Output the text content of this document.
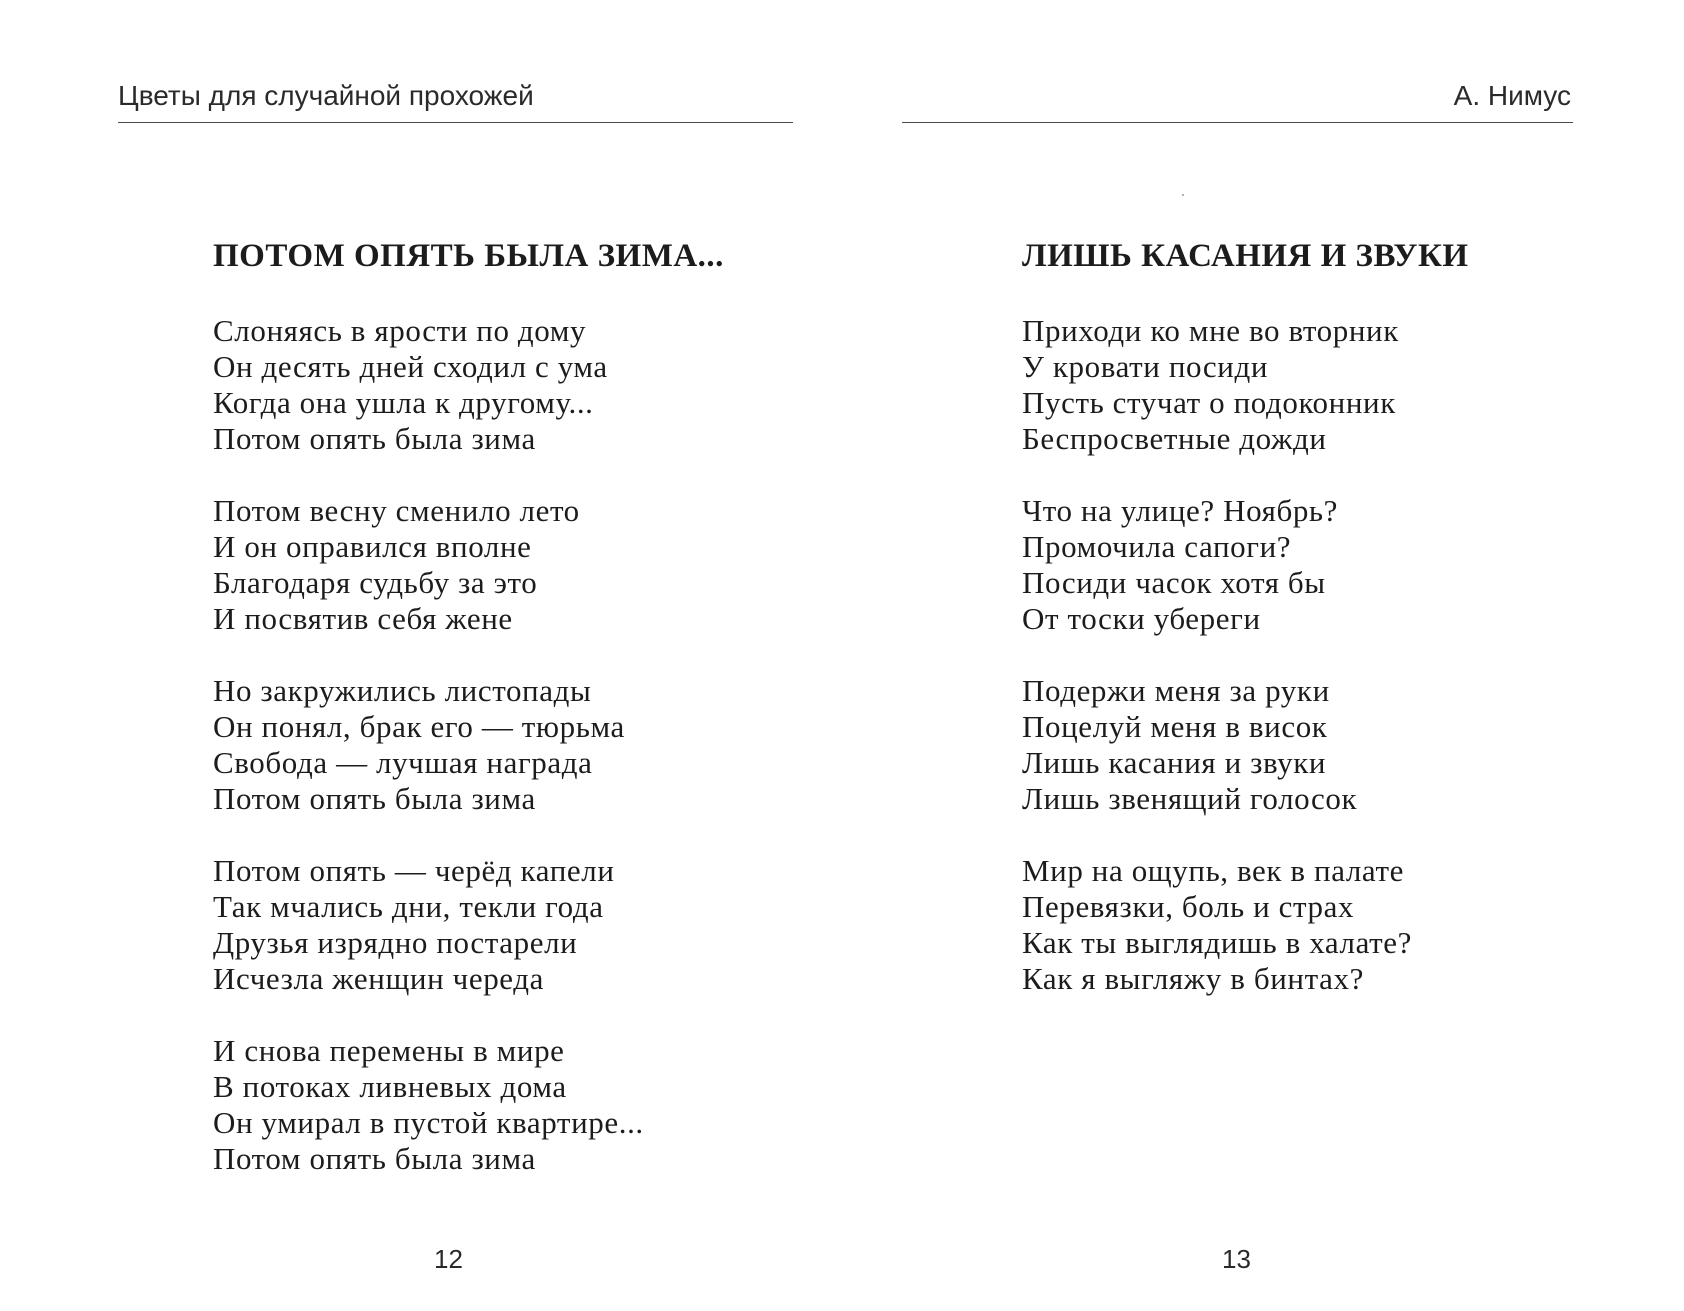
Цветы для случайной прохожей
ПОТОМ ОПЯТЬ БЫЛА ЗИМА...
Слоняясь в ярости по дому
Он десять дней сходил с ума
Когда она ушла к другому...
Потом опять была зима
Потом весну сменило лето
И он оправился вполне
Благодаря судьбу за это
И посвятив себя жене
Но закружились листопады
Он понял, брак его — тюрьма
Свобода — лучшая награда
Потом опять была зима
Потом опять — черёд капели
Так мчались дни, текли года
Друзья изрядно постарели
Исчезла женщин череда
И снова перемены в мире
В потоках ливневых дома
Он умирал в пустой квартире...
Потом опять была зима
12
А. Нимус
ЛИШЬ КАСАНИЯ И ЗВУКИ
Приходи ко мне во вторник
У кровати посиди
Пусть стучат о подоконник
Беспросветные дожди
Что на улице? Ноябрь?
Промочила сапоги?
Посиди часок хотя бы
От тоски убереги
Подержи меня за руки
Поцелуй меня в висок
Лишь касания и звуки
Лишь звенящий голосок
Мир на ощупь, век в палате
Перевязки, боль и страх
Как ты выглядишь в халате?
Как я выгляжу в бинтах?
13
